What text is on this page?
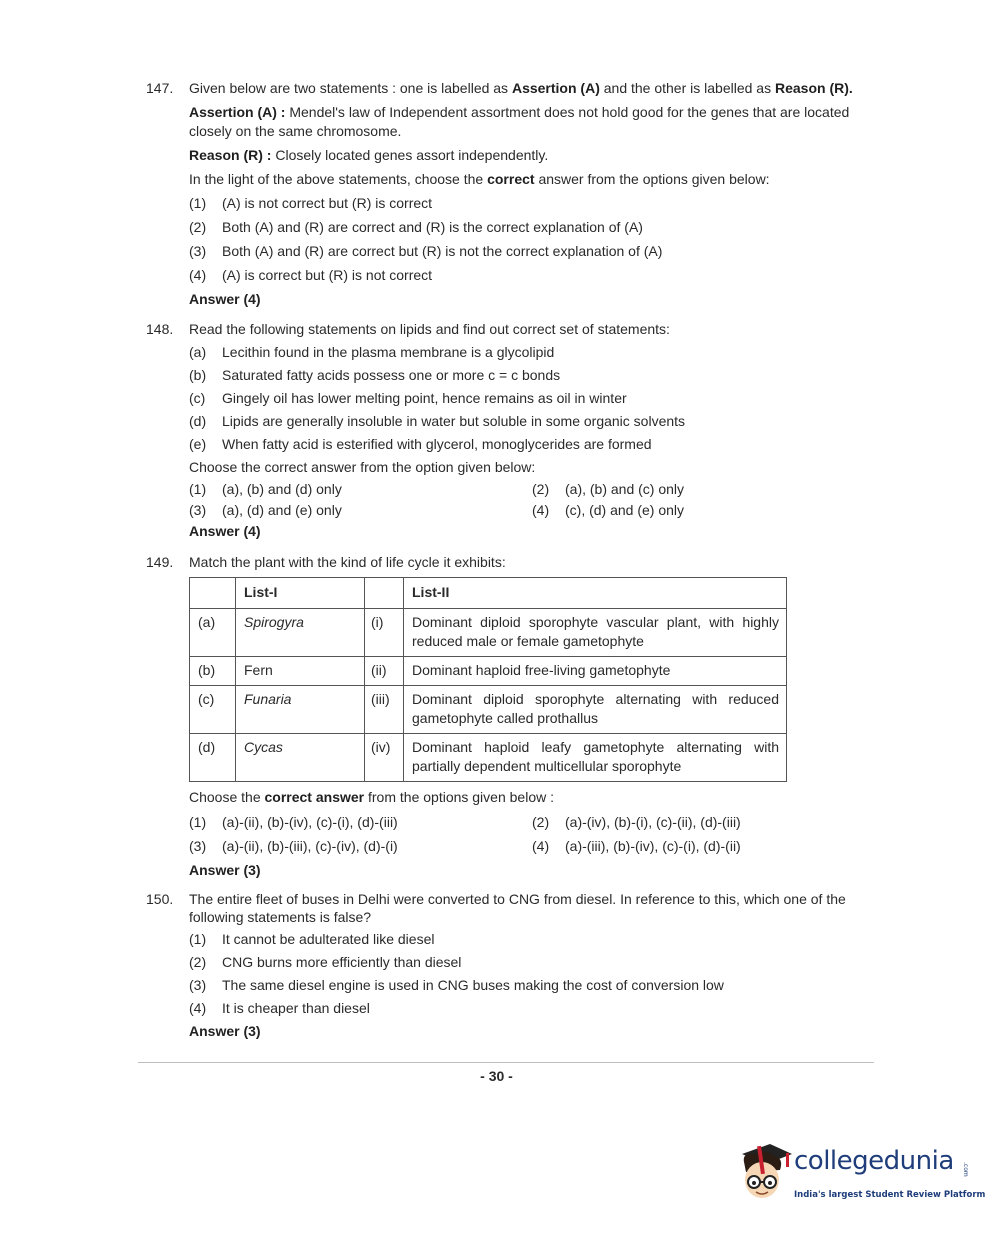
147. Given below are two statements : one is labelled as Assertion (A) and the other is labelled as Reason (R).

Assertion (A) : Mendel's law of Independent assortment does not hold good for the genes that are located closely on the same chromosome.

Reason (R) : Closely located genes assort independently.

In the light of the above statements, choose the correct answer from the options given below:

(1)	(A) is not correct but (R) is correct
(2)	Both (A) and (R) are correct and (R) is the correct explanation of (A)
(3)	Both (A) and (R) are correct but (R) is not the correct explanation of (A)
(4)	(A) is correct but (R) is not correct

Answer (4)

148. Read the following statements on lipids and find out correct set of statements:

(a)	Lecithin found in the plasma membrane is a glycolipid
(b)	Saturated fatty acids possess one or more c = c bonds
(c)	Gingely oil has lower melting point, hence remains as oil in winter
(d)	Lipids are generally insoluble in water but soluble in some organic solvents
(e)	When fatty acid is esterified with glycerol, monoglycerides are formed

Choose the correct answer from the option given below:

(1)	(a), (b) and (d) only	(2)	(a), (b) and (c) only
(3)	(a), (d) and (e) only	(4)	(c), (d) and (e) only

Answer (4)

149. Match the plant with the kind of life cycle it exhibits:

	List-I		List-II
(a)	Spirogyra	(i)	Dominant diploid sporophyte vascular plant, with highly reduced male or female gametophyte
(b)	Fern	(ii)	Dominant haploid free-living gametophyte
(c)	Funaria	(iii)	Dominant diploid sporophyte alternating with reduced gametophyte called prothallus
(d)	Cycas	(iv)	Dominant haploid leafy gametophyte alternating with partially dependent multicellular sporophyte

Choose the correct answer from the options given below :

(1)	(a)-(ii), (b)-(iv), (c)-(i), (d)-(iii)	(2)	(a)-(iv), (b)-(i), (c)-(ii), (d)-(iii)
(3)	(a)-(ii), (b)-(iii), (c)-(iv), (d)-(i)	(4)	(a)-(iii), (b)-(iv), (c)-(i), (d)-(ii)

Answer (3)

150. The entire fleet of buses in Delhi were converted to CNG from diesel. In reference to this, which one of the following statements is false?

(1)	It cannot be adulterated like diesel
(2)	CNG burns more efficiently than diesel
(3)	The same diesel engine is used in CNG buses making the cost of conversion low
(4)	It is cheaper than diesel

Answer (3)

- 30 -
collegedunia	.com
India's largest Student Review Platform
